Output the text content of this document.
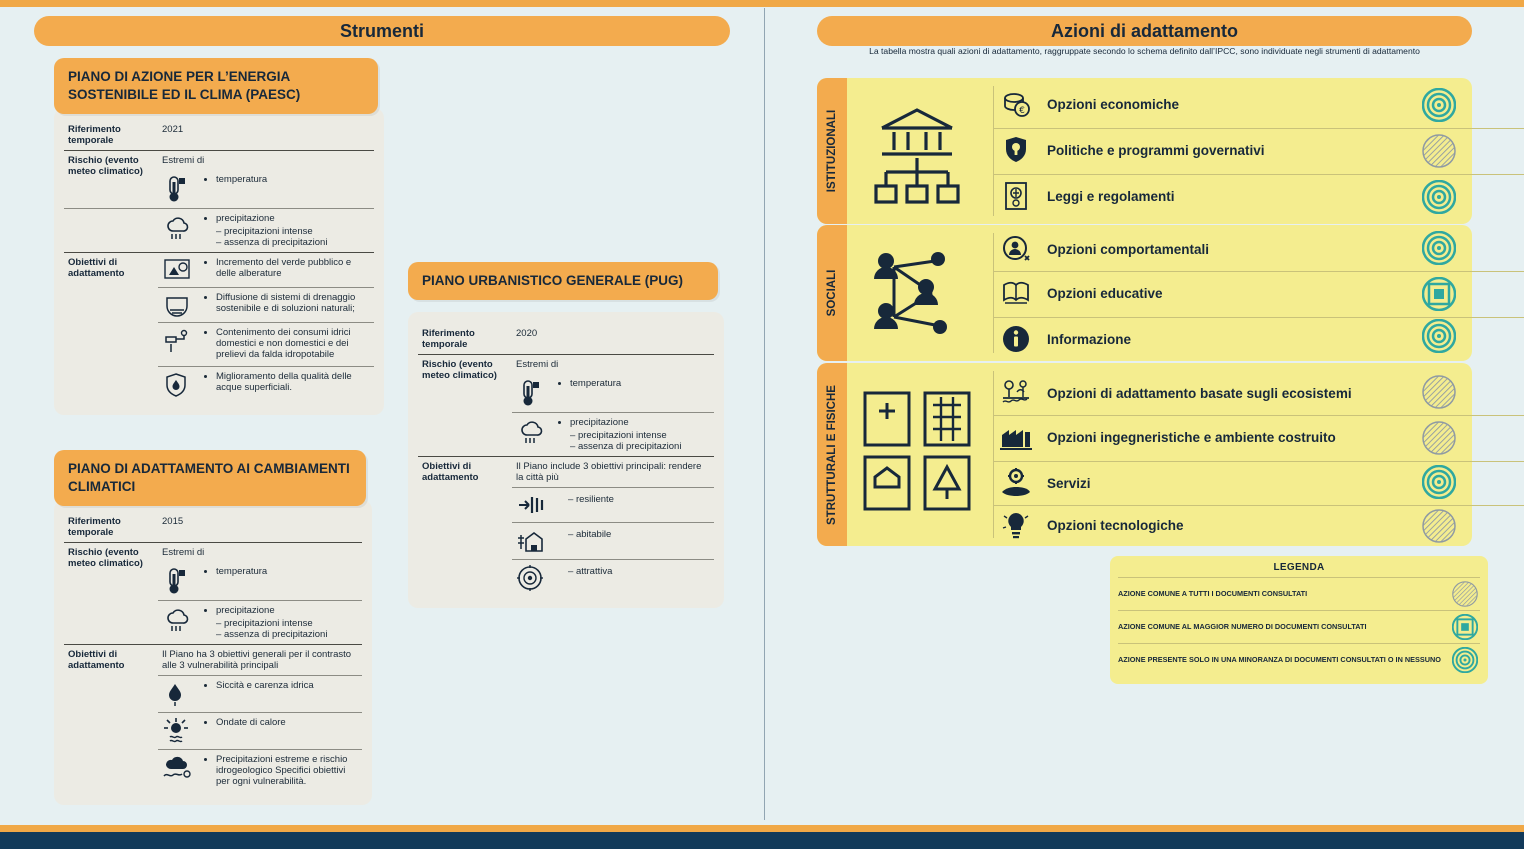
Strumenti
PIANO DI AZIONE PER L’ENERGIA SOSTENIBILE ED IL CLIMA (PAESC)
Riferimento temporale	2021	
Rischio (evento meteo climatico)	Estremi di	

• temperatura

• precipitazione
– precipitazioni intense
– assenza di precipitazioni

Obiettivi di adattamento	

• Incremento del verde pubblico e delle alberature

• Diffusione di sistemi di drenaggio sostenibile e di soluzioni naturali;

• Contenimento dei consumi idrici domestici e non domestici e dei prelievi da falda idropotabile

• Miglioramento della qualità delle acque superficiali.
PIANO DI ADATTAMENTO AI CAMBIAMENTI CLIMATICI
Riferimento temporale	2015	
Rischio (evento meteo climatico)	Estremi di	

• temperatura

• precipitazione
– precipitazioni intense
– assenza di precipitazioni

Obiettivi di adattamento	Il Piano ha 3 obiettivi generali per il contrasto alle 3 vulnerabilità principali	

• Siccità e carenza idrica

• Ondate di calore

• Precipitazioni estreme e rischio idrogeologico Specifici obiettivi per ogni vulnerabilità.
PIANO URBANISTICO GENERALE (PUG)
Riferimento temporale	2020	
Rischio (evento meteo climatico)	Estremi di	

• temperatura

• precipitazione
– precipitazioni intense
– assenza di precipitazioni

Obiettivi di adattamento	Il Piano include 3 obiettivi principali: rendere la città più	

– resiliente

– abitabile

– attrattiva
Azioni di adattamento
La tabella mostra quali azioni di adattamento, raggruppate secondo lo schema definito dall’IPCC, sono individuate negli strumenti di adattamento
ISTITUZIONALI	€ Opzioni economiche
Politiche e programmi governativi
Leggi e regolamenti
SOCIALI
Opzioni comportamentali
Opzioni educative
Informazione
STRUTTURALI E FISICHE	Opzioni di adattamento basate sugli ecosistemi
Opzioni ingegneristiche e ambiente costruito
Servizi
Opzioni tecnologiche
LEGENDA
AZIONE COMUNE A TUTTI I DOCUMENTI CONSULTATI
AZIONE COMUNE AL MAGGIOR NUMERO DI DOCUMENTI CONSULTATI
AZIONE PRESENTE SOLO IN UNA MINORANZA DI DOCUMENTI CONSULTATI O IN NESSUNO
